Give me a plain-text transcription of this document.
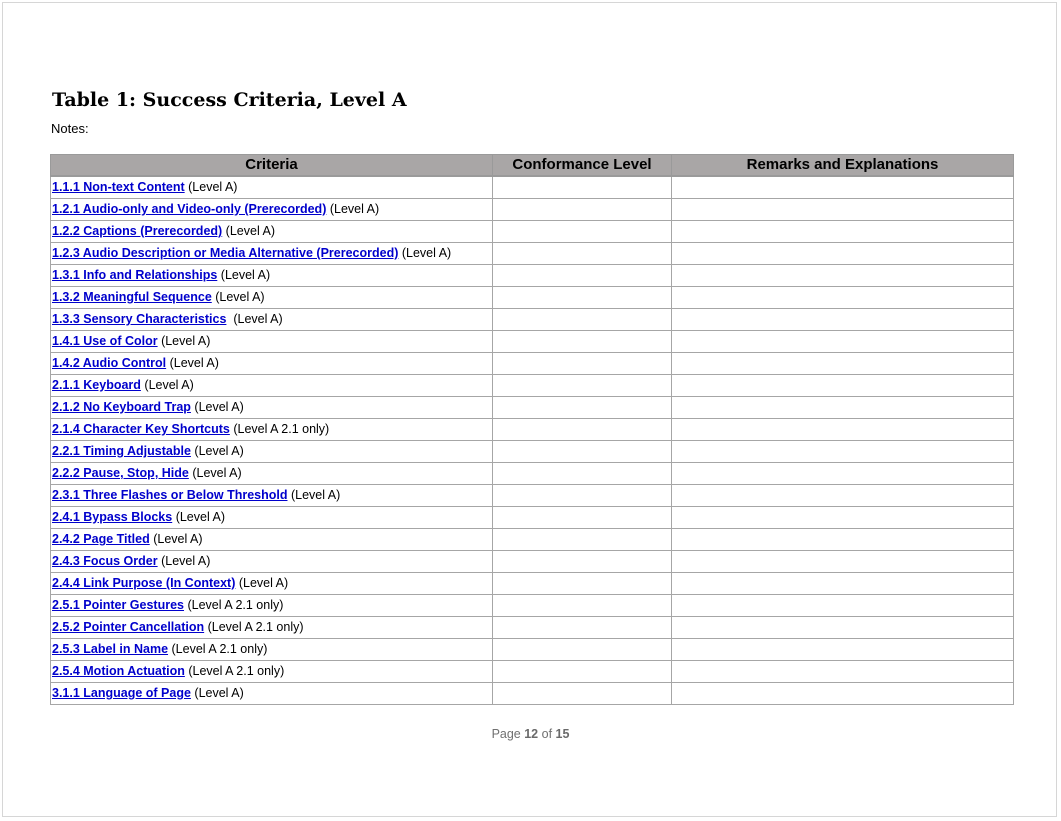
Table 1: Success Criteria, Level A
Notes:
Criteria	Conformance Level	Remarks and Explanations
1.1.1 Non-text Content (Level A)		
1.2.1 Audio-only and Video-only (Prerecorded) (Level A)		
1.2.2 Captions (Prerecorded) (Level A)		
1.2.3 Audio Description or Media Alternative (Prerecorded) (Level A)		
1.3.1 Info and Relationships (Level A)		
1.3.2 Meaningful Sequence (Level A)		
1.3.3 Sensory Characteristics  (Level A)		
1.4.1 Use of Color (Level A)		
1.4.2 Audio Control (Level A)		
2.1.1 Keyboard (Level A)		
2.1.2 No Keyboard Trap (Level A)		
2.1.4 Character Key Shortcuts (Level A 2.1 only)		
2.2.1 Timing Adjustable (Level A)		
2.2.2 Pause, Stop, Hide (Level A)		
2.3.1 Three Flashes or Below Threshold (Level A)		
2.4.1 Bypass Blocks (Level A)		
2.4.2 Page Titled (Level A)		
2.4.3 Focus Order (Level A)		
2.4.4 Link Purpose (In Context) (Level A)		
2.5.1 Pointer Gestures (Level A 2.1 only)		
2.5.2 Pointer Cancellation (Level A 2.1 only)		
2.5.3 Label in Name (Level A 2.1 only)		
2.5.4 Motion Actuation (Level A 2.1 only)		
3.1.1 Language of Page (Level A)		
Page 12 of 15
